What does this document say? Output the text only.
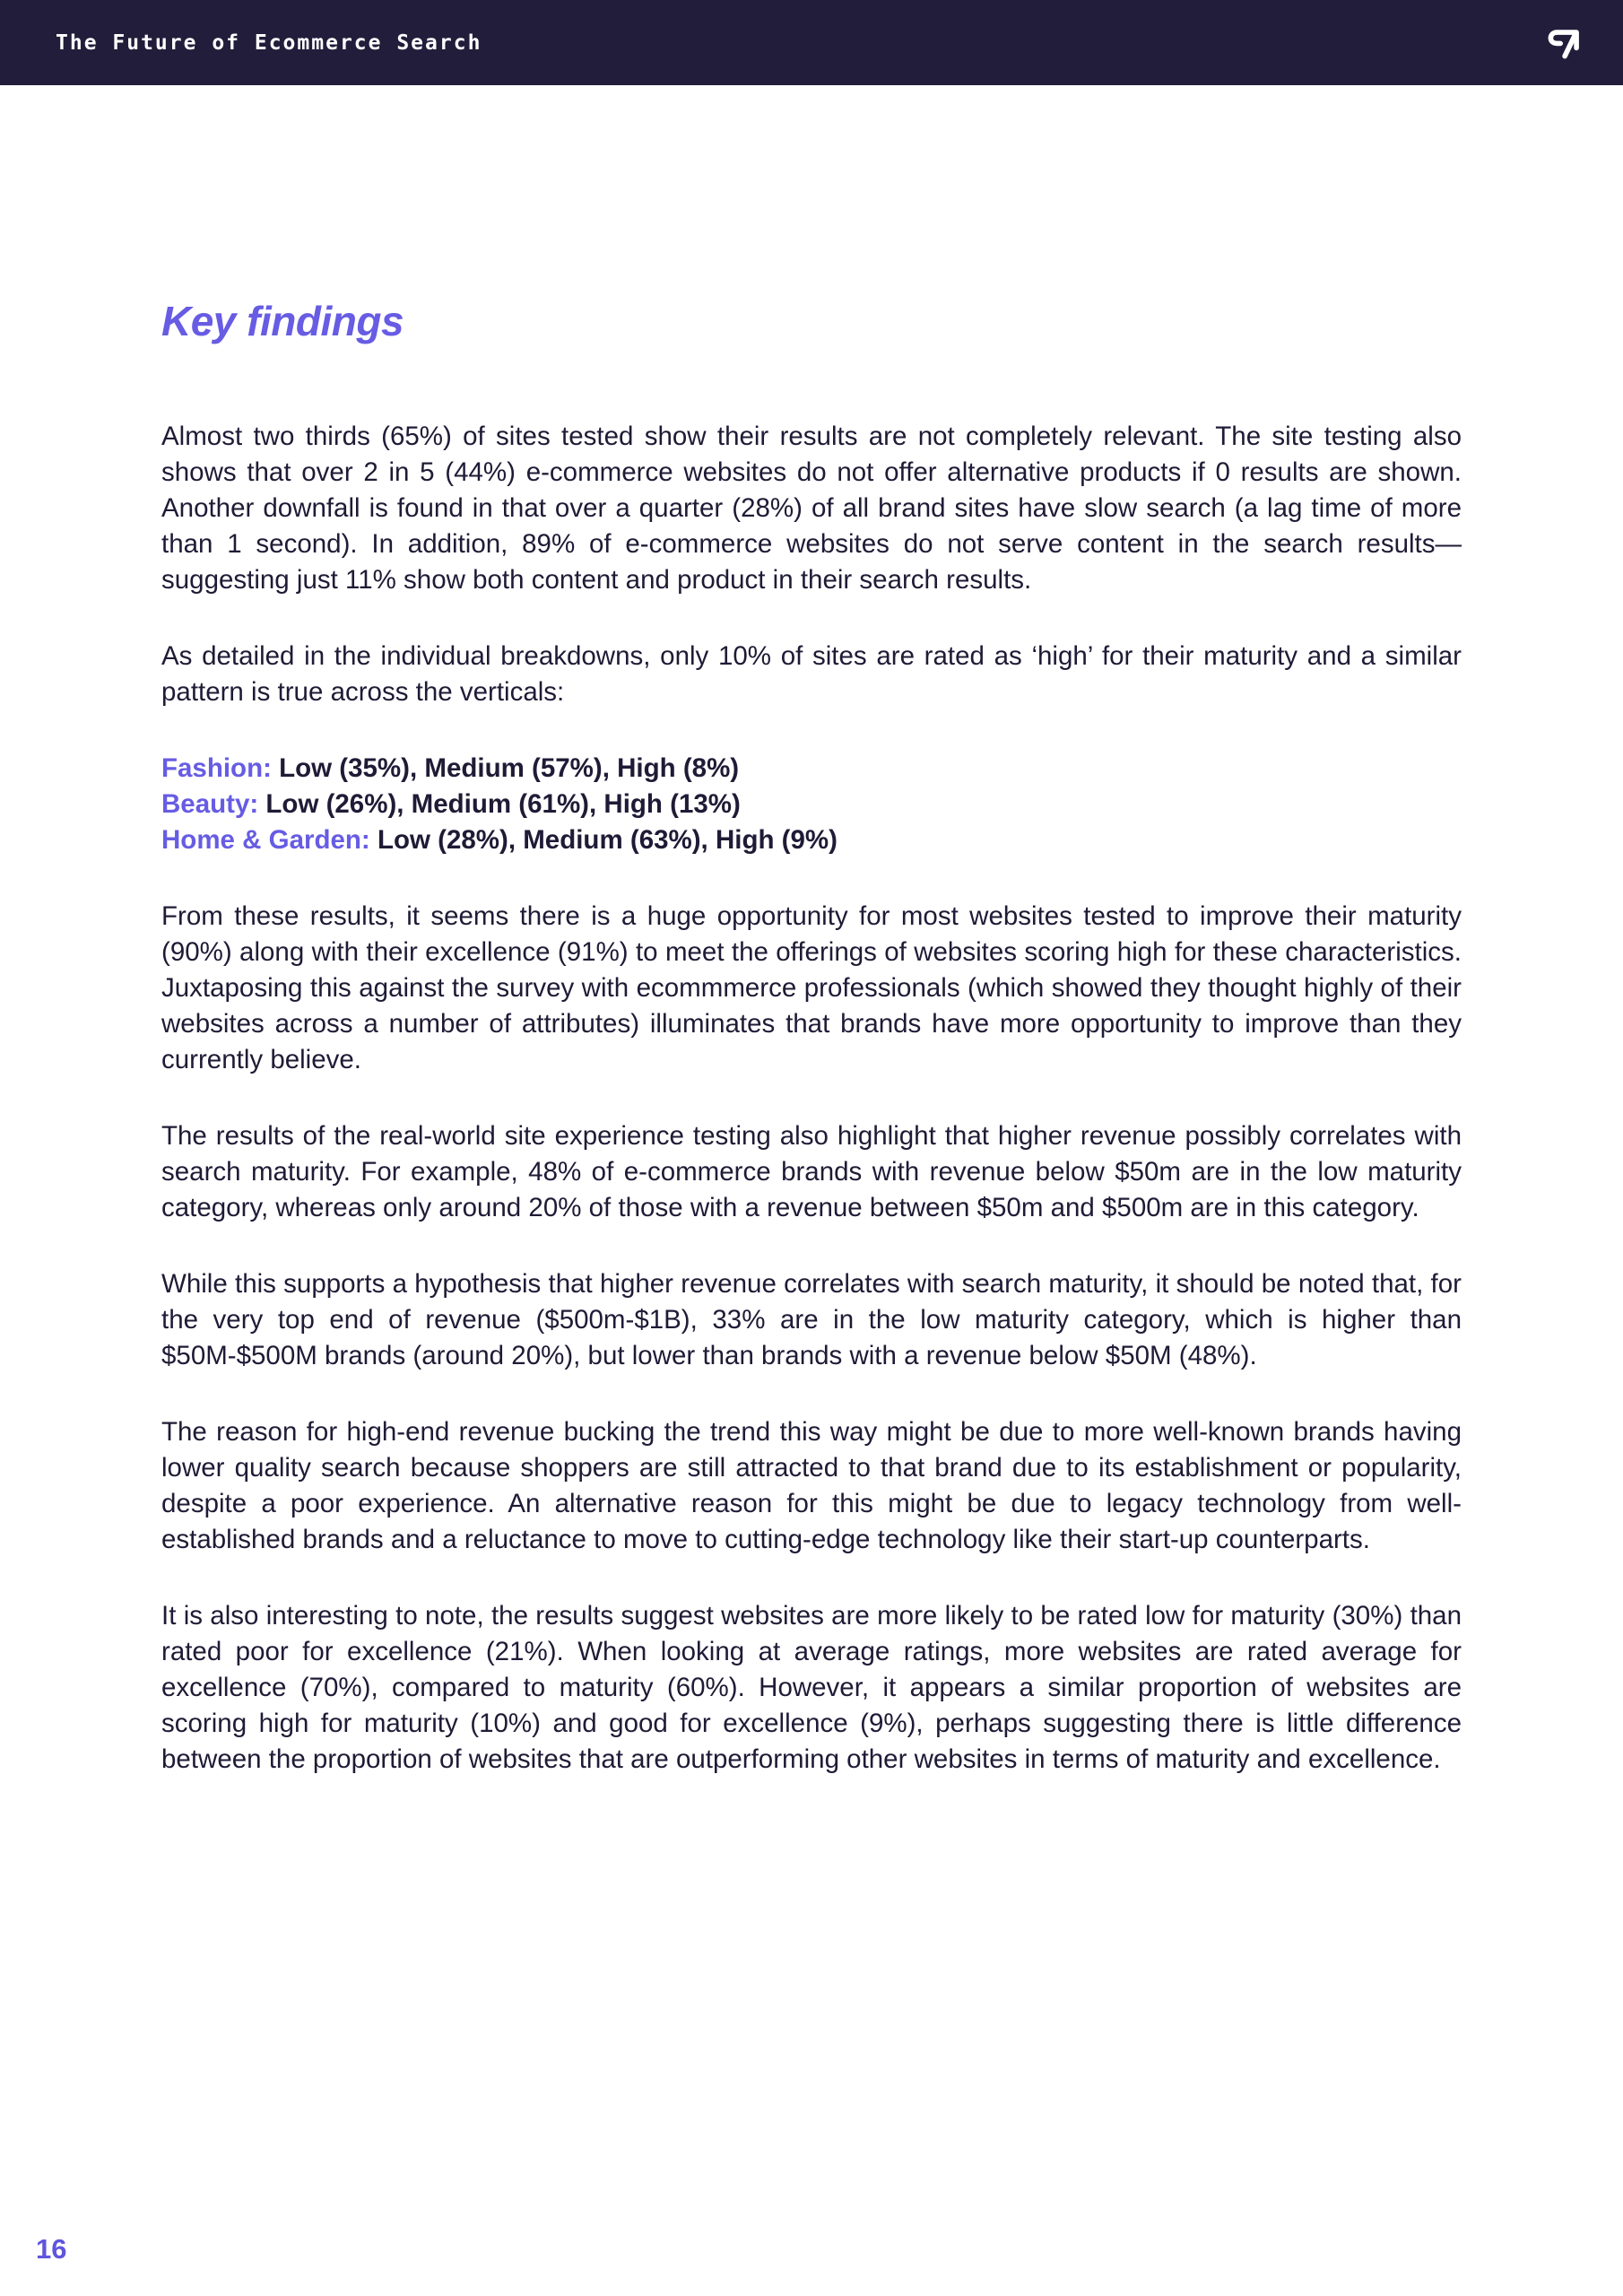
The Future of Ecommerce Search
Key findings

Almost two thirds (65%) of sites tested show their results are not completely relevant. The site testing also shows that over 2 in 5 (44%) e-commerce websites do not offer alternative products if 0 results are shown. Another downfall is found in that over a quarter (28%) of all brand sites have slow search (a lag time of more than 1 second). In addition, 89% of e-commerce websites do not serve content in the search results—suggesting just 11% show both content and product in their search results.

As detailed in the individual breakdowns, only 10% of sites are rated as ‘high’ for their maturity and a similar pattern is true across the verticals:

Fashion: Low (35%), Medium (57%), High (8%)
Beauty: Low (26%), Medium (61%), High (13%)
Home & Garden: Low (28%), Medium (63%), High (9%)

From these results, it seems there is a huge opportunity for most websites tested to improve their maturity (90%) along with their excellence (91%) to meet the offerings of websites scoring high for these characteristics. Juxtaposing this against the survey with ecommmerce professionals (which showed they thought highly of their websites across a number of attributes) illuminates that brands have more opportunity to improve than they currently believe.

The results of the real-world site experience testing also highlight that higher revenue possibly correlates with search maturity. For example, 48% of e-commerce brands with revenue below $50m are in the low maturity category, whereas only around 20% of those with a revenue between $50m and $500m are in this category.

While this supports a hypothesis that higher revenue correlates with search maturity, it should be noted that, for the very top end of revenue ($500m-$1B), 33% are in the low maturity category, which is higher than $50M-$500M brands (around 20%), but lower than brands with a revenue below $50M (48%).

The reason for high-end revenue bucking the trend this way might be due to more well-known brands having lower quality search because shoppers are still attracted to that brand due to its establishment or popularity, despite a poor experience. An alternative reason for this might be due to legacy technology from well-established brands and a reluctance to move to cutting-edge technology like their start-up counterparts.

It is also interesting to note, the results suggest websites are more likely to be rated low for maturity (30%) than rated poor for excellence (21%). When looking at average ratings, more websites are rated average for excellence (70%), compared to maturity (60%). However, it appears a similar proportion of websites are scoring high for maturity (10%) and good for excellence (9%), perhaps suggesting there is little difference between the proportion of websites that are outperforming other websites in terms of maturity and excellence.

16
